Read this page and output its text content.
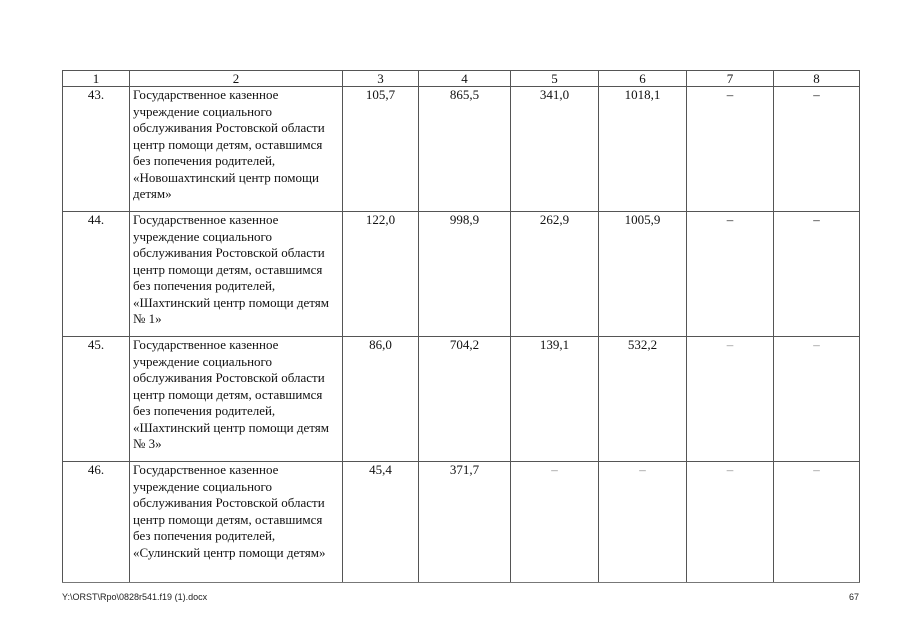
1	2	3	4	5	6	7	8
43.	Государственное казенное учреждение социального обслуживания Ростовской области центр помощи детям, оставшимся без попечения родителей, «Новошахтинский центр помощи детям»	105,7	865,5	341,0	1018,1	–	–
44.	Государственное казенное учреждение социального обслуживания Ростовской области центр помощи детям, оставшимся без попечения родителей, «Шахтинский центр помощи детям № 1»	122,0	998,9	262,9	1005,9	–	–
45.	Государственное казенное учреждение социального обслуживания Ростовской области центр помощи детям, оставшимся без попечения родителей, «Шахтинский центр помощи детям № 3»	86,0	704,2	139,1	532,2	–	–
46.	Государственное казенное учреждение социального обслуживания Ростовской области центр помощи детям, оставшимся без попечения родителей, «Сулинский центр помощи детям»	45,4	371,7	–	–	–	–
Y:\ORST\Rpo\0828r541.f19 (1).docx	67
